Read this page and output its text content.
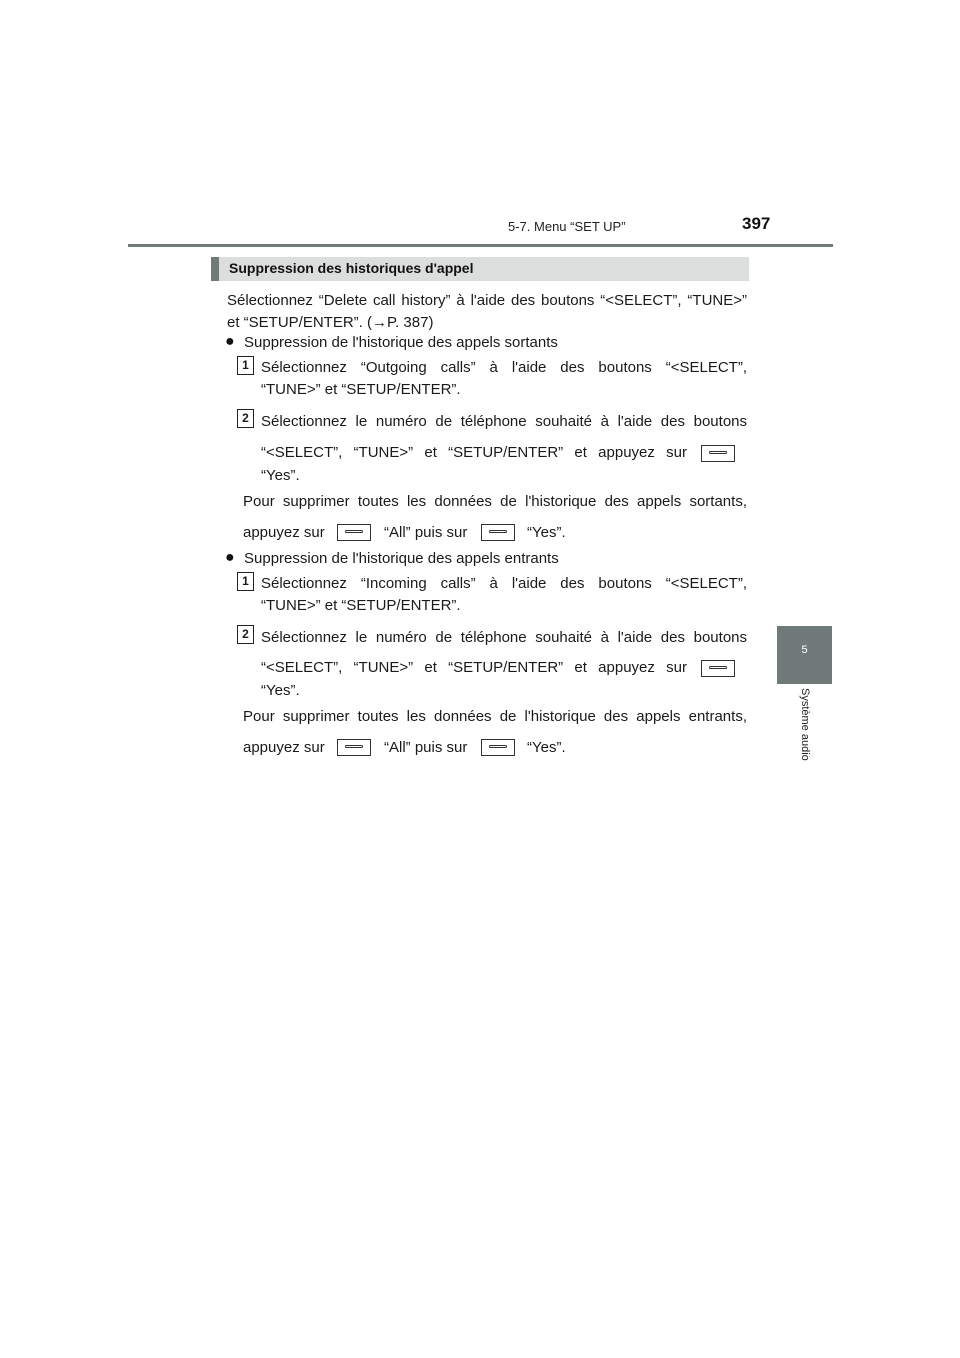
5-7. Menu “SET UP”	397
5
Système audio
Suppression des historiques d'appel
Sélectionnez “Delete call history” à l'aide des boutons “<SELECT”, “TUNE>”
et “SETUP/ENTER”. (→P. 387)
● Suppression de l'historique des appels sortants
1 Sélectionnez “Outgoing calls” à l'aide des boutons “<SELECT”,
“TUNE>” et “SETUP/ENTER”.
2 Sélectionnez le numéro de téléphone souhaité à l'aide des boutons
“<SELECT”, “TUNE>” et “SETUP/ENTER” et appuyez sur
“Yes”.
Pour supprimer toutes les données de l'historique des appels sortants,
appuyez sur	“All” puis sur	“Yes”.
● Suppression de l'historique des appels entrants
1 Sélectionnez “Incoming calls” à l'aide des boutons “<SELECT”,
“TUNE>” et “SETUP/ENTER”.
2 Sélectionnez le numéro de téléphone souhaité à l'aide des boutons
“<SELECT”, “TUNE>” et “SETUP/ENTER” et appuyez sur
“Yes”.
Pour supprimer toutes les données de l'historique des appels entrants,
appuyez sur	“All” puis sur	“Yes”.
